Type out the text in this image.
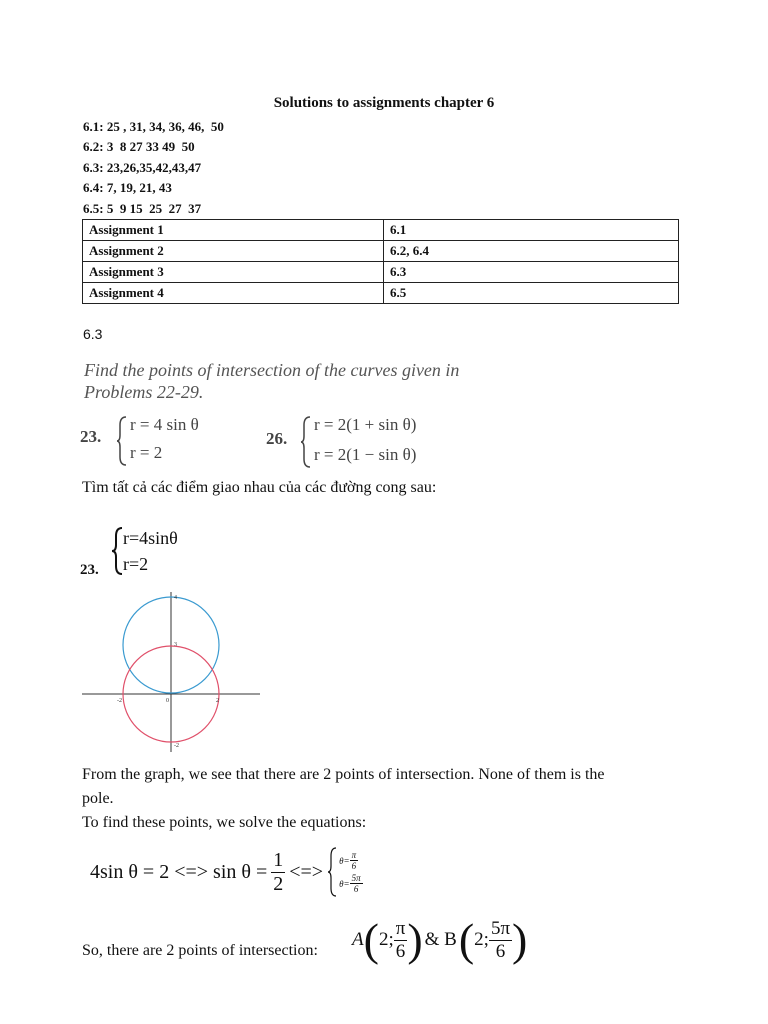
Solutions to assignments chapter 6
6.1: 25 , 31, 34, 36, 46,  50
6.2: 3  8 27 33 49  50
6.3: 23,26,35,42,43,47
6.4: 7, 19, 21, 43
6.5: 5  9 15  25  27  37
Assignment 1	6.1
Assignment 2	6.2, 6.4
Assignment 3	6.3
Assignment 4	6.5
6.3
Find the points of intersection of the curves given in
Problems 22-29.
23.
r = 4 sin θ
r = 2
26.
r = 2(1 + sin θ)
r = 2(1 − sin θ)
Tìm tất cả các điểm giao nhau của các đường cong sau:
23.
r=4sinθ
r=2
4
3
0
-2	2
-2
From the graph, we see that there are 2 points of intersection. None of them is the
pole.
To find these points, we solve the equations:
4sin θ = 2 <=> $\sin \theta = \frac{1}{2}$ <=> $\theta= \frac{\pi}{6}$
$\theta= \frac{5\pi}{6}$
So, there are 2 points of intersection:
A ( 2; $\frac{\pi}{6}$ ) & B ( 2; $\frac{5\pi}{6}$ )
